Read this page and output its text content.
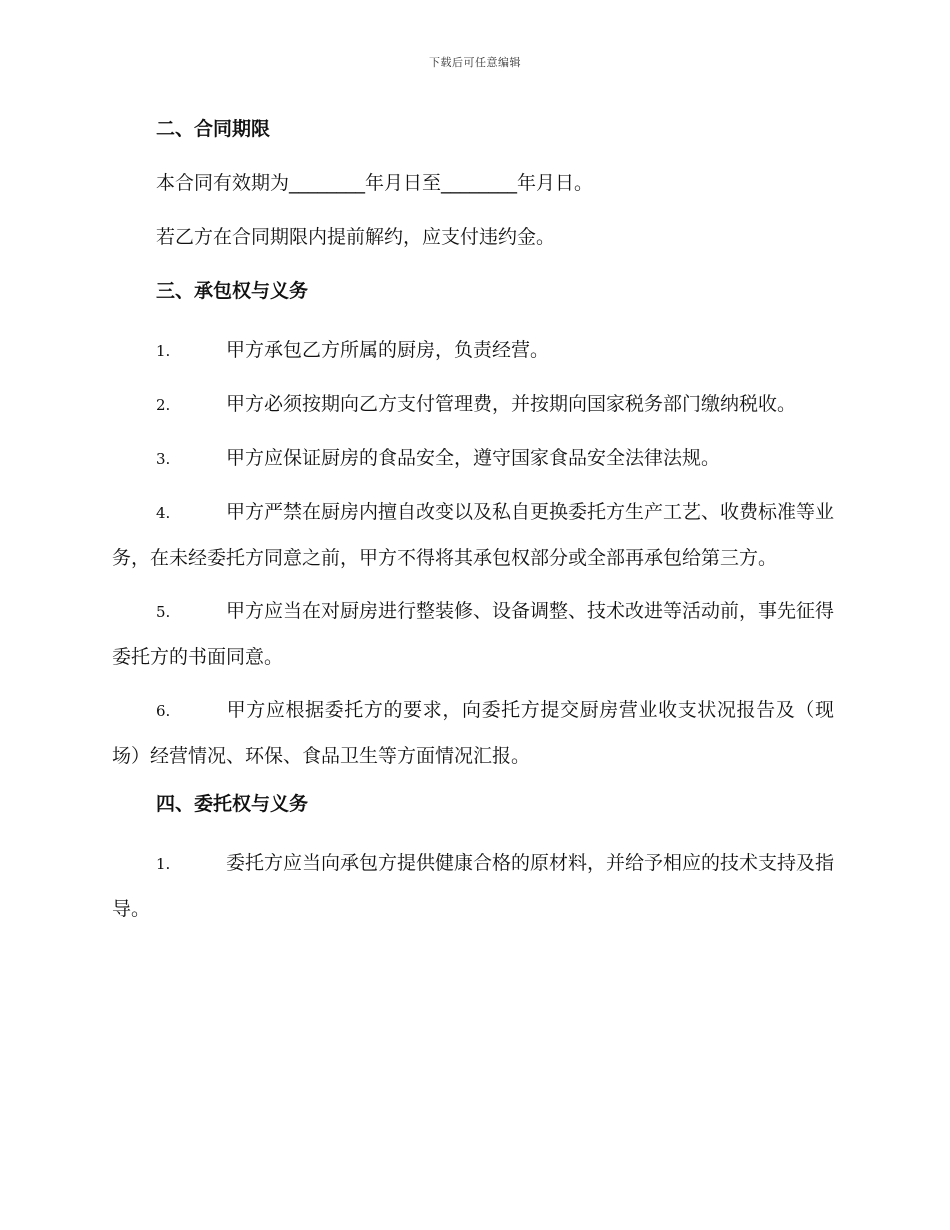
下载后可任意编辑

二、合同期限

本合同有效期为________年月日至________年月日。

若乙方在合同期限内提前解约，应支付违约金。

三、承包权与义务

1.	甲方承包乙方所属的厨房，负责经营。

2.	甲方必须按期向乙方支付管理费，并按期向国家税务部门缴纳税收。

3.	甲方应保证厨房的食品安全，遵守国家食品安全法律法规。

4.	甲方严禁在厨房内擅自改变以及私自更换委托方生产工艺、收费标准等业务，在未经委托方同意之前，甲方不得将其承包权部分或全部再承包给第三方。

5.	甲方应当在对厨房进行整装修、设备调整、技术改进等活动前，事先征得委托方的书面同意。

6.	甲方应根据委托方的要求，向委托方提交厨房营业收支状况报告及（现场）经营情况、环保、食品卫生等方面情况汇报。

四、委托权与义务

1.	委托方应当向承包方提供健康合格的原材料，并给予相应的技术支持及指导。
